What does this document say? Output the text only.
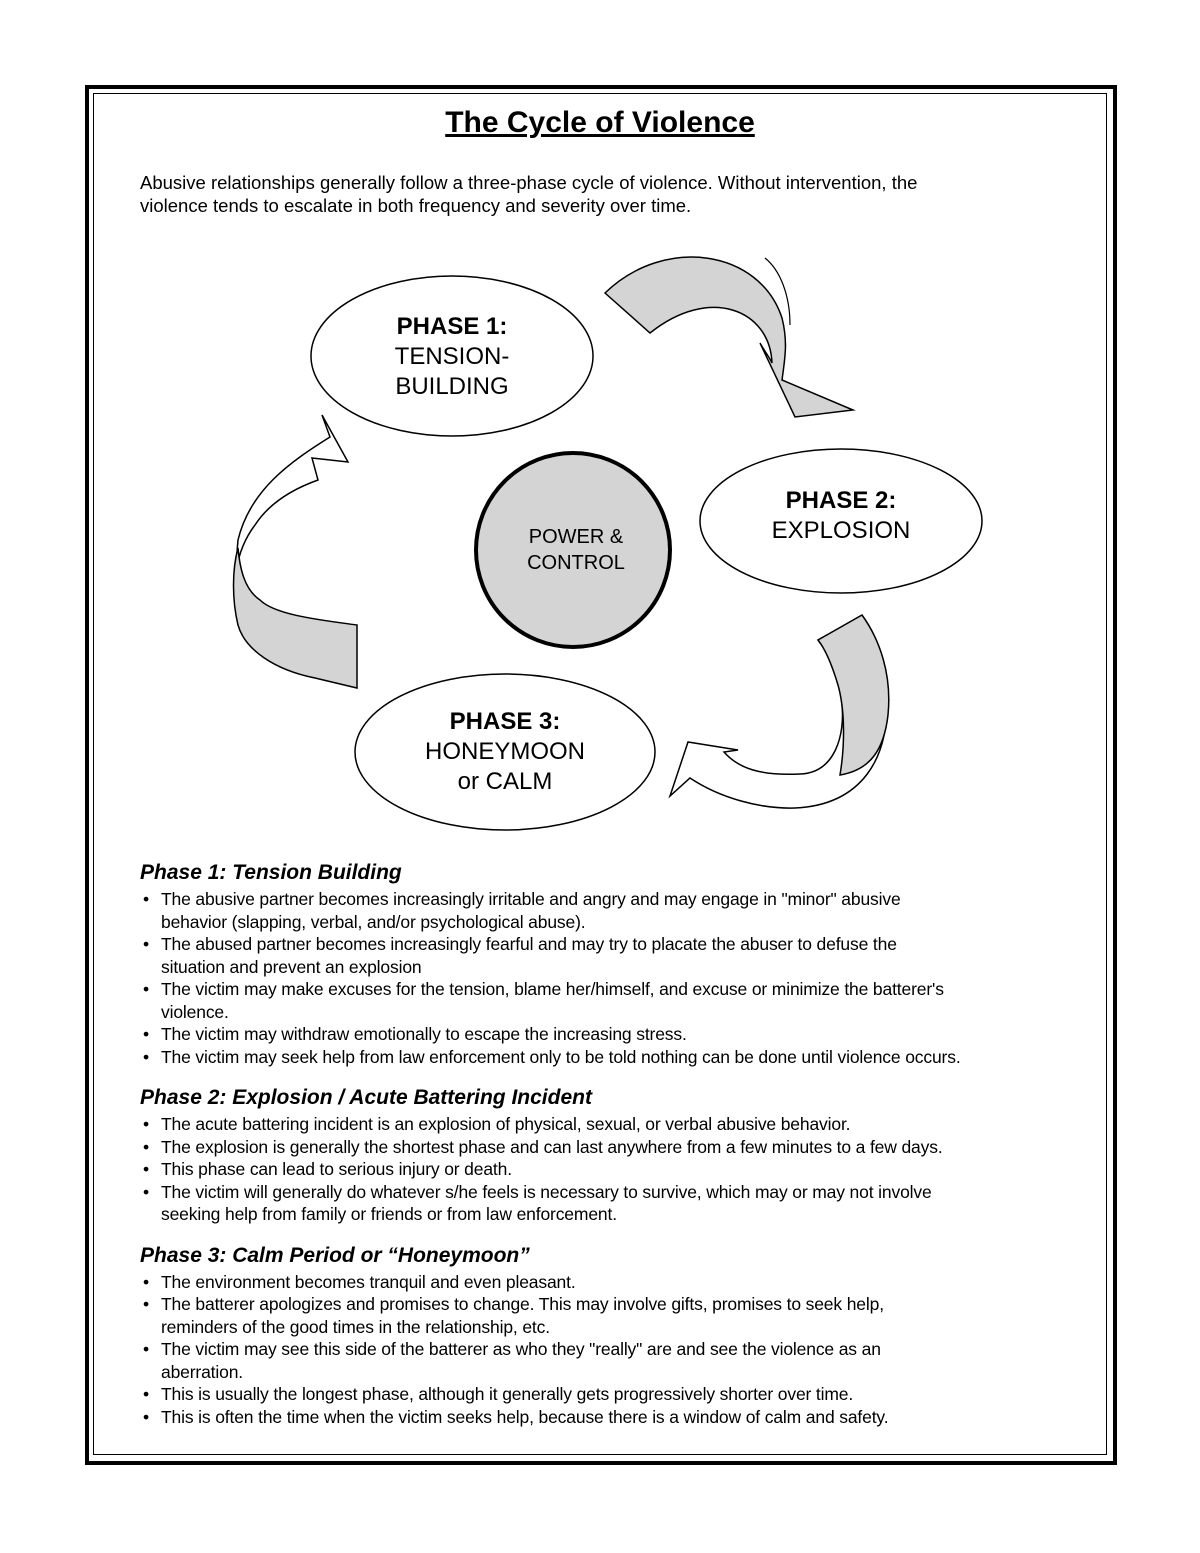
The Cycle of Violence

Abusive relationships generally follow a three-phase cycle of violence. Without intervention, the
violence tends to escalate in both frequency and severity over time.

PHASE 1:
TENSION-
BUILDING
PHASE 2:
EXPLOSION
PHASE 3:
HONEYMOON
or CALM
POWER &
CONTROL

Phase 1: Tension Building

• The abusive partner becomes increasingly irritable and angry and may engage in "minor" abusive
behavior (slapping, verbal, and/or psychological abuse).
• The abused partner becomes increasingly fearful and may try to placate the abuser to defuse the
situation and prevent an explosion
• The victim may make excuses for the tension, blame her/himself, and excuse or minimize the batterer's
violence.
• The victim may withdraw emotionally to escape the increasing stress.
• The victim may seek help from law enforcement only to be told nothing can be done until violence occurs.

Phase 2: Explosion / Acute Battering Incident

• The acute battering incident is an explosion of physical, sexual, or verbal abusive behavior.
• The explosion is generally the shortest phase and can last anywhere from a few minutes to a few days.
• This phase can lead to serious injury or death.
• The victim will generally do whatever s/he feels is necessary to survive, which may or may not involve
seeking help from family or friends or from law enforcement.

Phase 3: Calm Period or “Honeymoon”

• The environment becomes tranquil and even pleasant.
• The batterer apologizes and promises to change. This may involve gifts, promises to seek help,
reminders of the good times in the relationship, etc.
• The victim may see this side of the batterer as who they "really" are and see the violence as an
aberration.
• This is usually the longest phase, although it generally gets progressively shorter over time.
• This is often the time when the victim seeks help, because there is a window of calm and safety.
